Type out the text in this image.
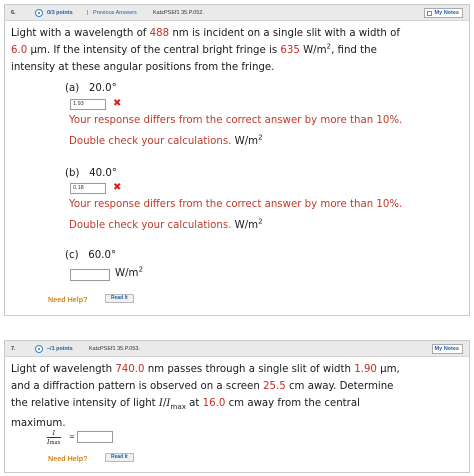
6.	0/3 points	| Previous Answers	KatzPSEf1 35.P.052.	My Notes
Light with a wavelength of 488 nm is incident on a single slit with a width of
6.0 μm. If the intensity of the central bright fringe is 635 $W/m^2$, find the
intensity at these angular positions from the fringe.
(a) 20.0°
1.93	✖
Your response differs from the correct answer by more than 10%.
Double check your calculations. $W/m^2$
(b) 40.0°
0.18	✖
Your response differs from the correct answer by more than 10%.
Double check your calculations. $W/m^2$
(c) 60.0°
$W/m^2$
Need Help?	Read It
7.	–/1 points	KatzPSEf1 35.P.053.	My Notes
Light of wavelength 740.0 nm passes through a single slit of width 1.90 μm,
and a diffraction pattern is observed on a screen 25.5 cm away. Determine
the relative intensity of light $I/I_{max}$ at 16.0 cm away from the central
maximum.
I
Imax
=
Need Help?	Read It
